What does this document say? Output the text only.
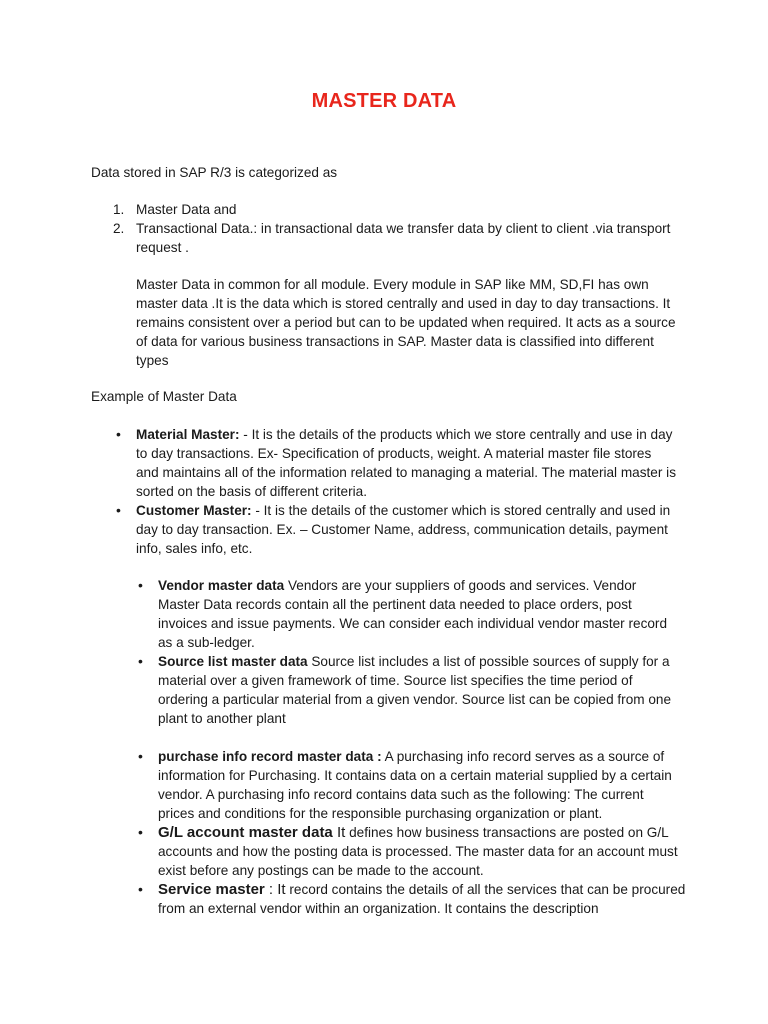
MASTER DATA
Data stored in SAP R/3 is categorized as
1. Master Data and
2. Transactional Data.: in transactional data we transfer data by client to client .via transport request .
Master Data in common for all module. Every module in SAP like MM, SD,FI has own master data .It is the data which is stored centrally and used in day to day transactions. It remains consistent over a period but can to be updated when required. It acts as a source of data for various business transactions in SAP. Master data is classified into different types
Example of Master Data
• Material Master: - It is the details of the products which we store centrally and use in day to day transactions. Ex- Specification of products, weight. A material master file stores and maintains all of the information related to managing a material. The material master is sorted on the basis of different criteria.
• Customer Master: - It is the details of the customer which is stored centrally and used in day to day transaction. Ex. – Customer Name, address, communication details, payment info, sales info, etc.
• Vendor master data Vendors are your suppliers of goods and services. Vendor Master Data records contain all the pertinent data needed to place orders, post invoices and issue payments. We can consider each individual vendor master record as a sub-ledger.
• Source list master data Source list includes a list of possible sources of supply for a material over a given framework of time. Source list specifies the time period of ordering a particular material from a given vendor. Source list can be copied from one plant to another plant
• purchase info record master data : A purchasing info record serves as a source of information for Purchasing. It contains data on a certain material supplied by a certain vendor. A purchasing info record contains data such as the following: The current prices and conditions for the responsible purchasing organization or plant.
• G/L account master data It defines how business transactions are posted on G/L accounts and how the posting data is processed. The master data for an account must exist before any postings can be made to the account.
• Service master : It record contains the details of all the services that can be procured from an external vendor within an organization. It contains the description
